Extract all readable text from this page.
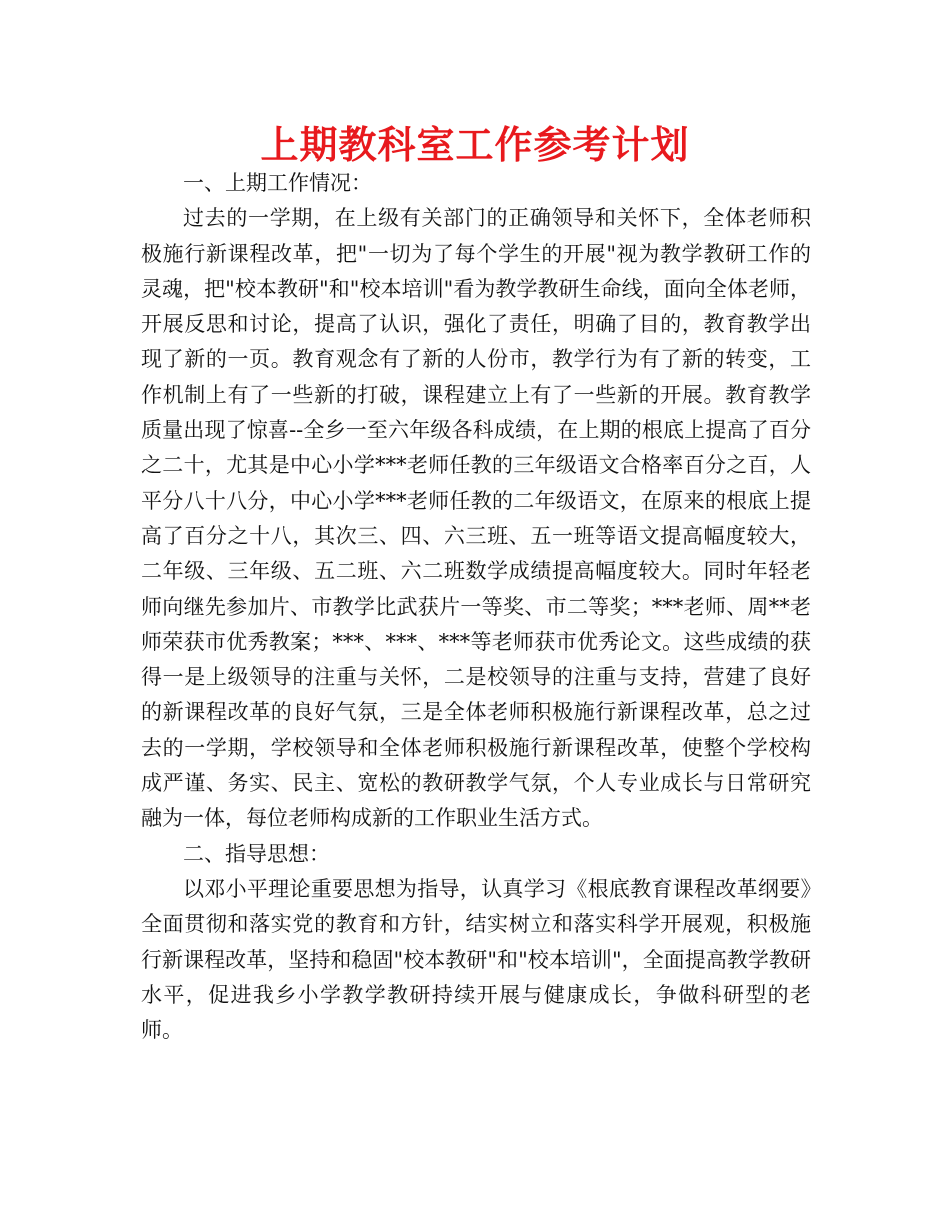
上期教科室工作参考计划

一、上期工作情况：

过去的一学期，在上级有关部门的正确领导和关怀下，全体老师积极施行新课程改革，把"一切为了每个学生的开展"视为教学教研工作的灵魂，把"校本教研"和"校本培训"看为教学教研生命线，面向全体老师，开展反思和讨论，提高了认识，强化了责任，明确了目的，教育教学出现了新的一页。教育观念有了新的人份市，教学行为有了新的转变，工作机制上有了一些新的打破，课程建立上有了一些新的开展。教育教学质量出现了惊喜--全乡一至六年级各科成绩，在上期的根底上提高了百分之二十，尤其是中心小学***老师任教的三年级语文合格率百分之百，人平分八十八分，中心小学***老师任教的二年级语文，在原来的根底上提高了百分之十八，其次三、四、六三班、五一班等语文提高幅度较大，二年级、三年级、五二班、六二班数学成绩提高幅度较大。同时年轻老师向继先参加片、市教学比武获片一等奖、市二等奖；***老师、周**老师荣获市优秀教案；***、***、***等老师获市优秀论文。这些成绩的获得一是上级领导的注重与关怀，二是校领导的注重与支持，营建了良好的新课程改革的良好气氛，三是全体老师积极施行新课程改革，总之过去的一学期，学校领导和全体老师积极施行新课程改革，使整个学校构成严谨、务实、民主、宽松的教研教学气氛，个人专业成长与日常研究融为一体，每位老师构成新的工作职业生活方式。

二、指导思想：

以邓小平理论重要思想为指导，认真学习《根底教育课程改革纲要》全面贯彻和落实党的教育和方针，结实树立和落实科学开展观，积极施行新课程改革，坚持和稳固"校本教研"和"校本培训"，全面提高教学教研水平，促进我乡小学教学教研持续开展与健康成长，争做科研型的老师。
